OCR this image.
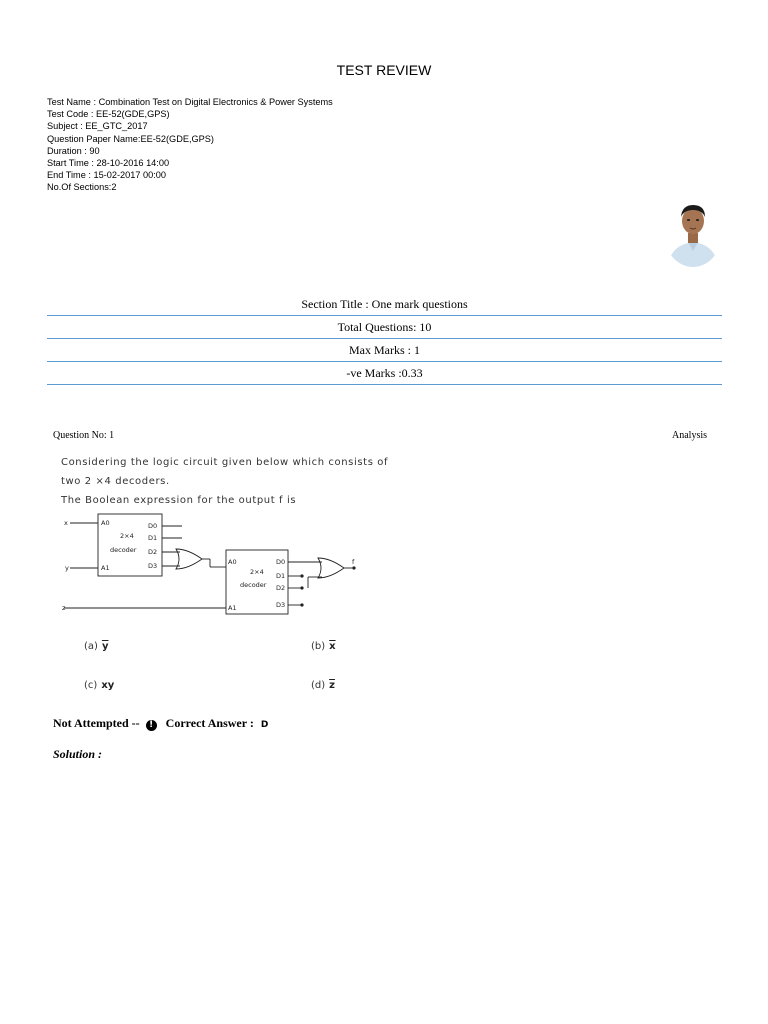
TEST REVIEW
Test Name : Combination Test on Digital Electronics & Power Systems
Test Code : EE-52(GDE,GPS)
Subject : EE_GTC_2017
Question Paper Name:EE-52(GDE,GPS)
Duration : 90
Start Time : 28-10-2016 14:00
End Time : 15-02-2017 00:00
No.Of Sections:2
Section Title : One mark questions
Total Questions: 10
Max Marks : 1
-ve Marks :0.33
Question No: 1	Analysis
Considering the logic circuit given below which consists of
two 2 ×4 decoders.
The Boolean expression for the output f is
x
y
z
f
A0
A1
D0
D1
D2
D3
2×4
decoder
A0
A1
D0
D1
D2
D3
2×4
decoder
(a) $\overline{y}$	(b) $\overline{x}$
(c) xy	(d) $\overline{z}$
Not Attempted -- ! Correct Answer : D
Solution :
